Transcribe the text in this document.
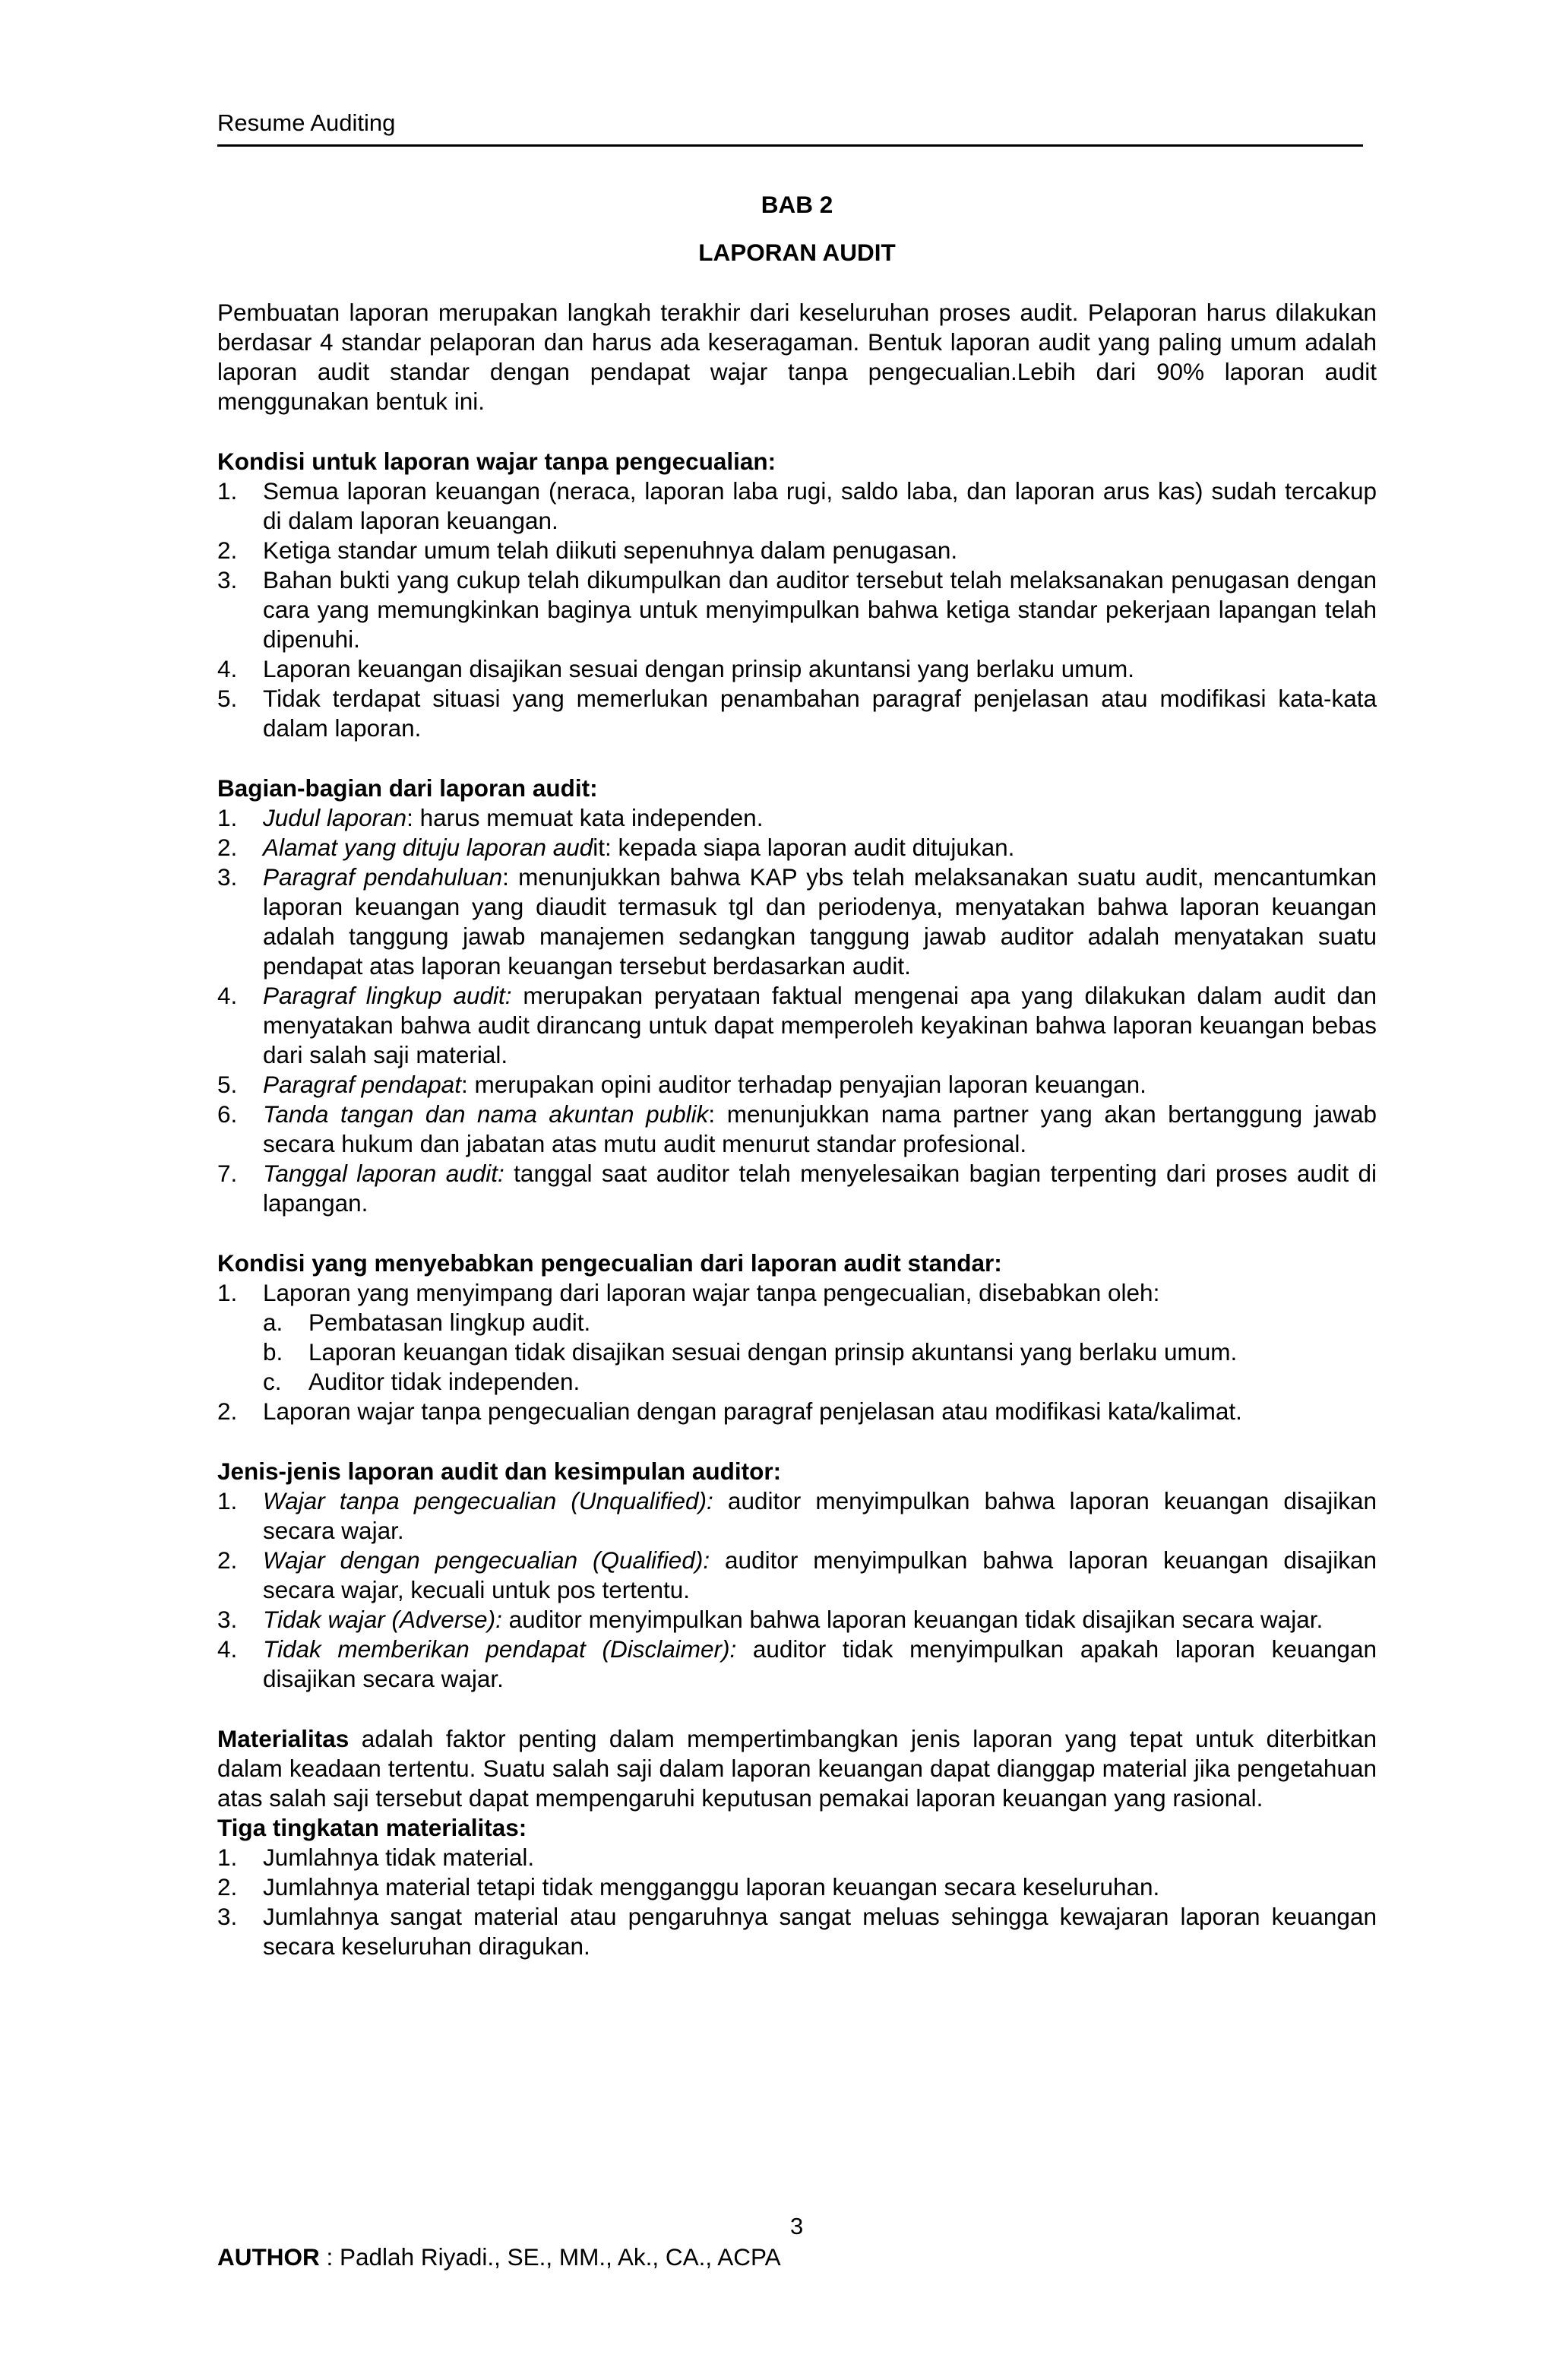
Resume Auditing

BAB 2

LAPORAN AUDIT

Pembuatan laporan merupakan langkah terakhir dari keseluruhan proses audit. Pelaporan harus dilakukan berdasar 4 standar pelaporan dan harus ada keseragaman. Bentuk laporan audit yang paling umum adalah laporan audit standar dengan pendapat wajar tanpa pengecualian.Lebih dari 90% laporan audit menggunakan bentuk ini.

Kondisi untuk laporan wajar tanpa pengecualian:

1. Semua laporan keuangan (neraca, laporan laba rugi, saldo laba, dan laporan arus kas) sudah tercakup di dalam laporan keuangan.
2. Ketiga standar umum telah diikuti sepenuhnya dalam penugasan.
3. Bahan bukti yang cukup telah dikumpulkan dan auditor tersebut telah melaksanakan penugasan dengan cara yang memungkinkan baginya untuk menyimpulkan bahwa ketiga standar pekerjaan lapangan telah dipenuhi.
4. Laporan keuangan disajikan sesuai dengan prinsip akuntansi yang berlaku umum.
5. Tidak terdapat situasi yang memerlukan penambahan paragraf penjelasan atau modifikasi kata-kata dalam laporan.

Bagian-bagian dari laporan audit:

1. Judul laporan: harus memuat kata independen.
2. Alamat yang dituju laporan audit: kepada siapa laporan audit ditujukan.
3. Paragraf pendahuluan: menunjukkan bahwa KAP ybs telah melaksanakan suatu audit, mencantumkan laporan keuangan yang diaudit termasuk tgl dan periodenya, menyatakan bahwa laporan keuangan adalah tanggung jawab manajemen sedangkan tanggung jawab auditor adalah menyatakan suatu pendapat atas laporan keuangan tersebut berdasarkan audit.
4. Paragraf lingkup audit: merupakan peryataan faktual mengenai apa yang dilakukan dalam audit dan menyatakan bahwa audit dirancang untuk dapat memperoleh keyakinan bahwa laporan keuangan bebas dari salah saji material.
5. Paragraf pendapat: merupakan opini auditor terhadap penyajian laporan keuangan.
6. Tanda tangan dan nama akuntan publik: menunjukkan nama partner yang akan bertanggung jawab secara hukum dan jabatan atas mutu audit menurut standar profesional.
7. Tanggal laporan audit: tanggal saat auditor telah menyelesaikan bagian terpenting dari proses audit di lapangan.

Kondisi yang menyebabkan pengecualian dari laporan audit standar:

1. Laporan yang menyimpang dari laporan wajar tanpa pengecualian, disebabkan oleh:
a. Pembatasan lingkup audit.
b. Laporan keuangan tidak disajikan sesuai dengan prinsip akuntansi yang berlaku umum.
c. Auditor tidak independen.
2. Laporan wajar tanpa pengecualian dengan paragraf penjelasan atau modifikasi kata/kalimat.

Jenis-jenis laporan audit dan kesimpulan auditor:

1. Wajar tanpa pengecualian (Unqualified): auditor menyimpulkan bahwa laporan keuangan disajikan secara wajar.
2. Wajar dengan pengecualian (Qualified): auditor menyimpulkan bahwa laporan keuangan disajikan secara wajar, kecuali untuk pos tertentu.
3. Tidak wajar (Adverse): auditor menyimpulkan bahwa laporan keuangan tidak disajikan secara wajar.
4. Tidak memberikan pendapat (Disclaimer): auditor tidak menyimpulkan apakah laporan keuangan disajikan secara wajar.

Materialitas adalah faktor penting dalam mempertimbangkan jenis laporan yang tepat untuk diterbitkan dalam keadaan tertentu. Suatu salah saji dalam laporan keuangan dapat dianggap material jika pengetahuan atas salah saji tersebut dapat mempengaruhi keputusan pemakai laporan keuangan yang rasional.

Tiga tingkatan materialitas:

1. Jumlahnya tidak material.
2. Jumlahnya material tetapi tidak mengganggu laporan keuangan secara keseluruhan.
3. Jumlahnya sangat material atau pengaruhnya sangat meluas sehingga kewajaran laporan keuangan secara keseluruhan diragukan.
3
AUTHOR : Padlah Riyadi., SE., MM., Ak., CA., ACPA
